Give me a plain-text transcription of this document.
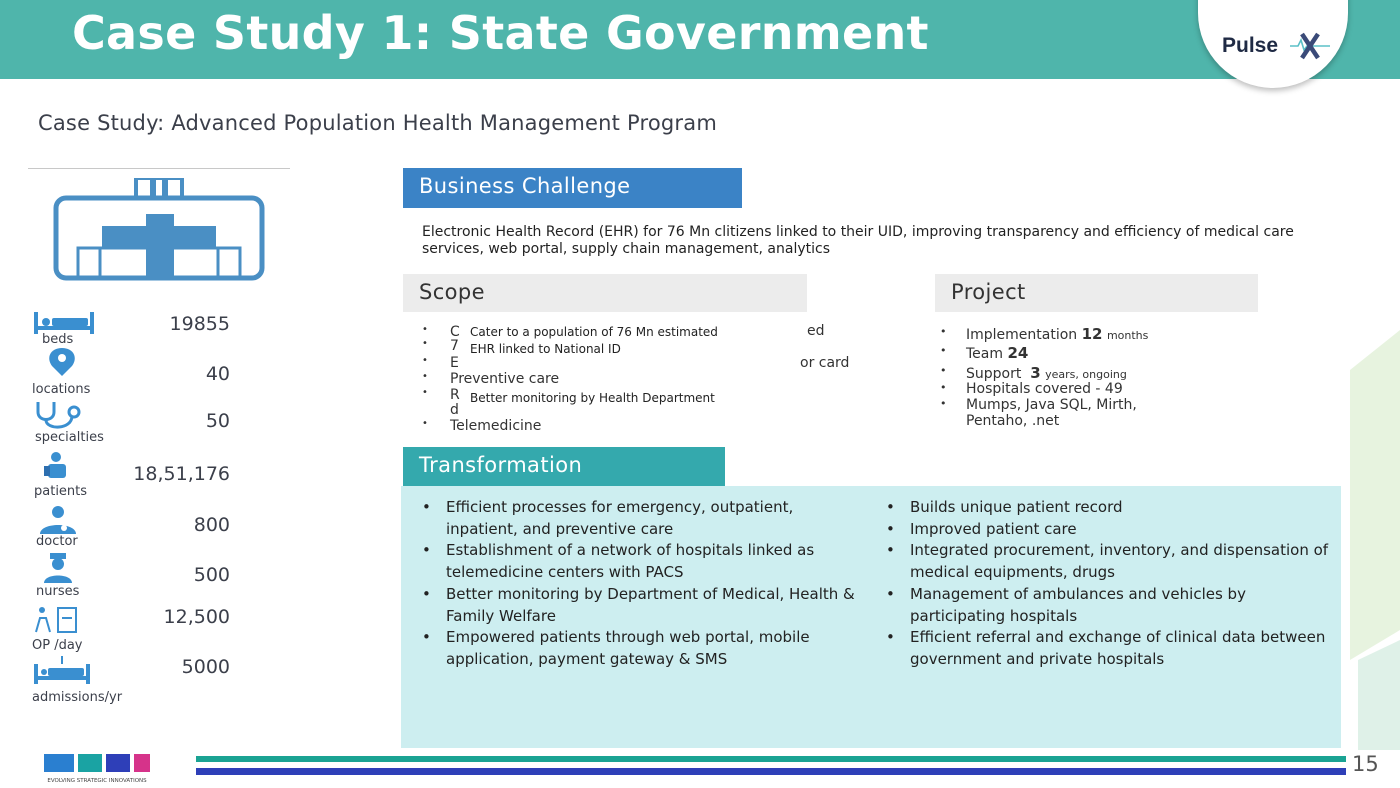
Case Study 1: State Government	Pulse
Case Study: Advanced Population Health Management Program
beds
19855
locations
40
specialties
50
patients
18,51,176
doctor
800
nurses
500
OP /day
12,500
admissions/yr
5000
Business Challenge
Electronic Health Record (EHR) for 76 Mn clitizens linked to their UID, improving transparency and efficiency of medical care services, web portal, supply chain management, analytics
Scope
• C
• 7
• E
• Preventive care
• R
d
• Telemedicine
ed
or card
Cater to a population of 76 Mn estimated
EHR linked to National ID
Better monitoring by Health Department
Project
• Implementation 12 months
• Team 24
• Support 3 years, ongoing
• Hospitals covered - 49
• Mumps, Java SQL, Mirth,
Pentaho, .net
Transformation
• Efficient processes for emergency, outpatient, inpatient, and preventive care
• Establishment of a network of hospitals linked as telemedicine centers with PACS
• Better monitoring by Department of Medical, Health & Family Welfare
• Empowered patients through web portal, mobile application, payment gateway & SMS
• Builds unique patient record
• Improved patient care
• Integrated procurement, inventory, and dispensation of medical equipments, drugs
• Management of ambulances and vehicles by participating hospitals
• Efficient referral and exchange of clinical data between government and private hospitals
EVOLVING STRATEGIC INNOVATIONS
15
